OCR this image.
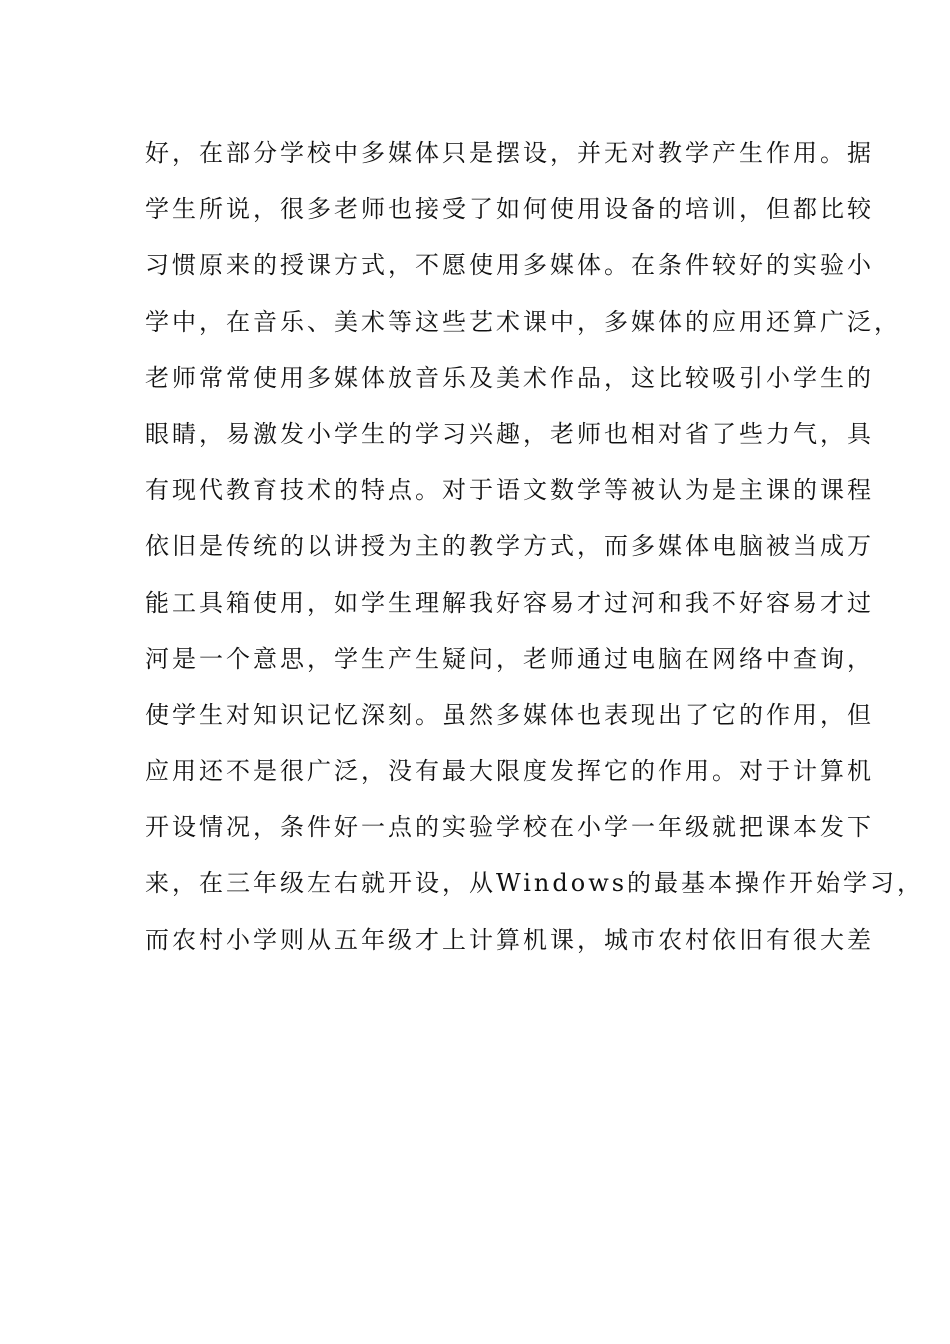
好，在部分学校中多媒体只是摆设，并无对教学产生作用。据
学生所说，很多老师也接受了如何使用设备的培训，但都比较
习惯原来的授课方式，不愿使用多媒体。在条件较好的实验小
学中，在音乐、美术等这些艺术课中，多媒体的应用还算广泛，
老师常常使用多媒体放音乐及美术作品，这比较吸引小学生的
眼睛，易激发小学生的学习兴趣，老师也相对省了些力气，具
有现代教育技术的特点。对于语文数学等被认为是主课的课程
依旧是传统的以讲授为主的教学方式，而多媒体电脑被当成万
能工具箱使用，如学生理解我好容易才过河和我不好容易才过
河是一个意思，学生产生疑问，老师通过电脑在网络中查询，
使学生对知识记忆深刻。虽然多媒体也表现出了它的作用，但
应用还不是很广泛，没有最大限度发挥它的作用。对于计算机
开设情况，条件好一点的实验学校在小学一年级就把课本发下
来，在三年级左右就开设，从Windows的最基本操作开始学习，
而农村小学则从五年级才上计算机课，城市农村依旧有很大差
